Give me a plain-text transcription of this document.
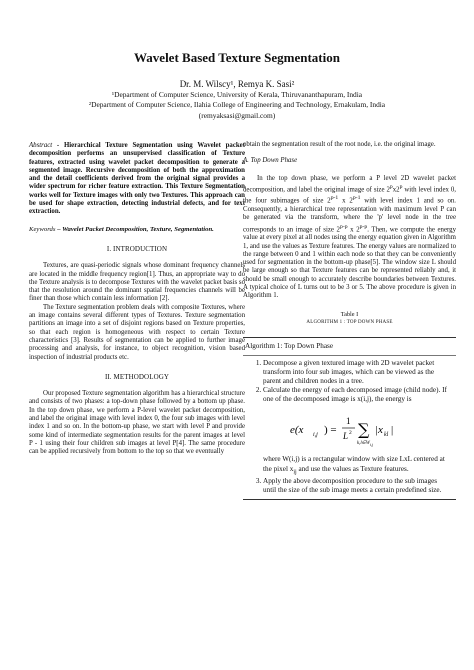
Wavelet Based Texture Segmentation
Dr. M. Wilscy¹, Remya K. Sasi²
¹Department of Computer Science, University of Kerala, Thiruvananthapuram, India
²Department of Computer Science, Ilahia College of Engineering and Technology, Ernakulam, India
(remyaksasi@gmail.com)

Abstract - Hierarchical Texture Segmentation using Wavelet packet decomposition performs an unsupervised classification of Texture features, extracted using wavelet packet decomposition to generate a segmented image. Recursive decomposition of both the approximation and the detail coefficients derived from the original signal provides a wider spectrum for richer feature extraction. This Texture Segmentation works well for Texture images with only two Textures. This approach can be used for shape extraction, detecting industrial defects, and for text extraction.

Keywords – Wavelet Packet Decomposition, Texture, Segmentation.

I. INTRODUCTION

Textures, are quasi-periodic signals whose dominant frequency channels are located in the middle frequency region[1]. Thus, an appropriate way to do the Texture analysis is to decompose Textures with the wavelet packet basis so that the resolution around the dominant spatial frequencies channels will be finer than those which contain less information [2].

The Texture segmentation problem deals with composite Textures, where an image contains several different types of Textures. Texture segmentation partitions an image into a set of disjoint regions based on Texture properties, so that each region is homogeneous with respect to certain Texture characteristics [3]. Results of segmentation can be applied to further image processing and analysis, for instance, to object recognition, vision based inspection of industrial products etc.

II. METHODOLOGY

Our proposed Texture segmentation algorithm has a hierarchical structure and consists of two phases: a top-down phase followed by a bottom up phase. In the top down phase, we perform a P-level wavelet packet decomposition, and label the original image with level index 0, the four sub images with level index 1 and so on. In the bottom-up phase, we start with level P and provide some kind of intermediate segmentation results for the parent images at level P - 1 using their four children sub images at level P[4]. The same procedure can be applied recursively from bottom to the top so that we eventually

obtain the segmentation result of the root node, i.e. the original image.

A. Top Down Phase

In the top down phase, we perform a P level 2D wavelet packet decomposition, and label the original image of size 2$^p$x2$^p$ with level index 0, the four subimages of size 2$^{p-1}$ x 2$^{p-1}$ with level index 1 and so on. Consequently, a hierarchical tree representation with maximum level P can be generated via the transform, where the 'p' level node in the tree corresponds to an image of size 2$^{p-p}$ x 2$^{p-p}$. Then, we compute the energy value at every pixel at all nodes using the energy equation given in Algorithm 1, and use the values as Texture features. The energy values are normalized to the range between 0 and 1 within each node so that they can be conveniently used for segmentation in the bottom-up phase[5]. The window size L should be large enough so that Texture features can be represented reliably and, it should be small enough to accurately describe boundaries between Textures. A typical choice of L turns out to be 3 or 5. The above procedure is given in Algorithm 1.

Table I
ALGORITHM 1 : TOP DOWN PHASE
Algorithm 1: Top Down Phase
1. Decompose a given textured image with 2D wavelet packet transform into four sub images, which can be viewed as the parent and children nodes in a tree.
2. Calculate the energy of each decomposed image (child node). If one of the decomposed image is x(i,j), the energy is
e(x i,j ) =
1
L 2 ∑
k,l∈W i,j
|x kl |
where W(i,j) is a rectangular window with size LxL centered at the pixel $x_{ij}$ and use the values as Texture features.
3. Apply the above decomposition procedure to the sub images until the size of the sub image meets a certain predefined size.
